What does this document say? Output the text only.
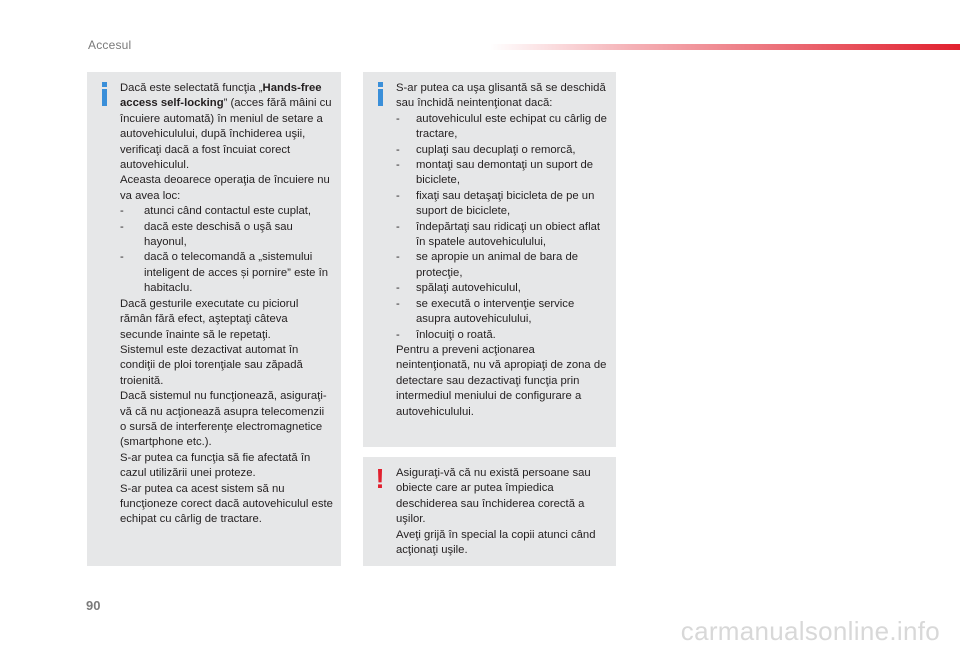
Accesul

Dacă este selectată funcţia „Hands-free access self-locking” (acces fără mâini cu încuiere automată) în meniul de setare a autovehiculului, după închiderea uşii, verificaţi dacă a fost încuiat corect autovehiculul.

Aceasta deoarece operaţia de încuiere nu va avea loc:

- atunci când contactul este cuplat,
- dacă este deschisă o uşă sau hayonul,
- dacă o telecomandă a „sistemului inteligent de acces și pornire” este în habitaclu.

Dacă gesturile executate cu piciorul rămân fără efect, aşteptaţi câteva secunde înainte să le repetaţi.

Sistemul este dezactivat automat în condiţii de ploi torenţiale sau zăpadă troienită.

Dacă sistemul nu funcţionează, asiguraţi-vă că nu acţionează asupra telecomenzii o sursă de interferenţe electromagnetice (smartphone etc.).

S-ar putea ca funcţia să fie afectată în cazul utilizării unei proteze.

S-ar putea ca acest sistem să nu funcţioneze corect dacă autovehiculul este echipat cu cârlig de tractare.

S-ar putea ca uşa glisantă să se deschidă sau închidă neintenţionat dacă:

- autovehiculul este echipat cu cârlig de tractare,
- cuplaţi sau decuplaţi o remorcă,
- montaţi sau demontaţi un suport de biciclete,
- fixaţi sau detaşaţi bicicleta de pe un suport de biciclete,
- îndepărtaţi sau ridicaţi un obiect aflat în spatele autovehiculului,
- se apropie un animal de bara de protecţie,
- spălaţi autovehiculul,
- se execută o intervenţie service asupra autovehiculului,
- înlocuiţi o roată.

Pentru a preveni acţionarea neintenţionată, nu vă apropiaţi de zona de detectare sau dezactivaţi funcţia prin intermediul meniului de configurare a autovehiculului.

! Asiguraţi-vă că nu există persoane sau obiecte care ar putea împiedica deschiderea sau închiderea corectă a uşilor.

Aveţi grijă în special la copii atunci când acţionaţi uşile.

90
carmanualsonline.info
